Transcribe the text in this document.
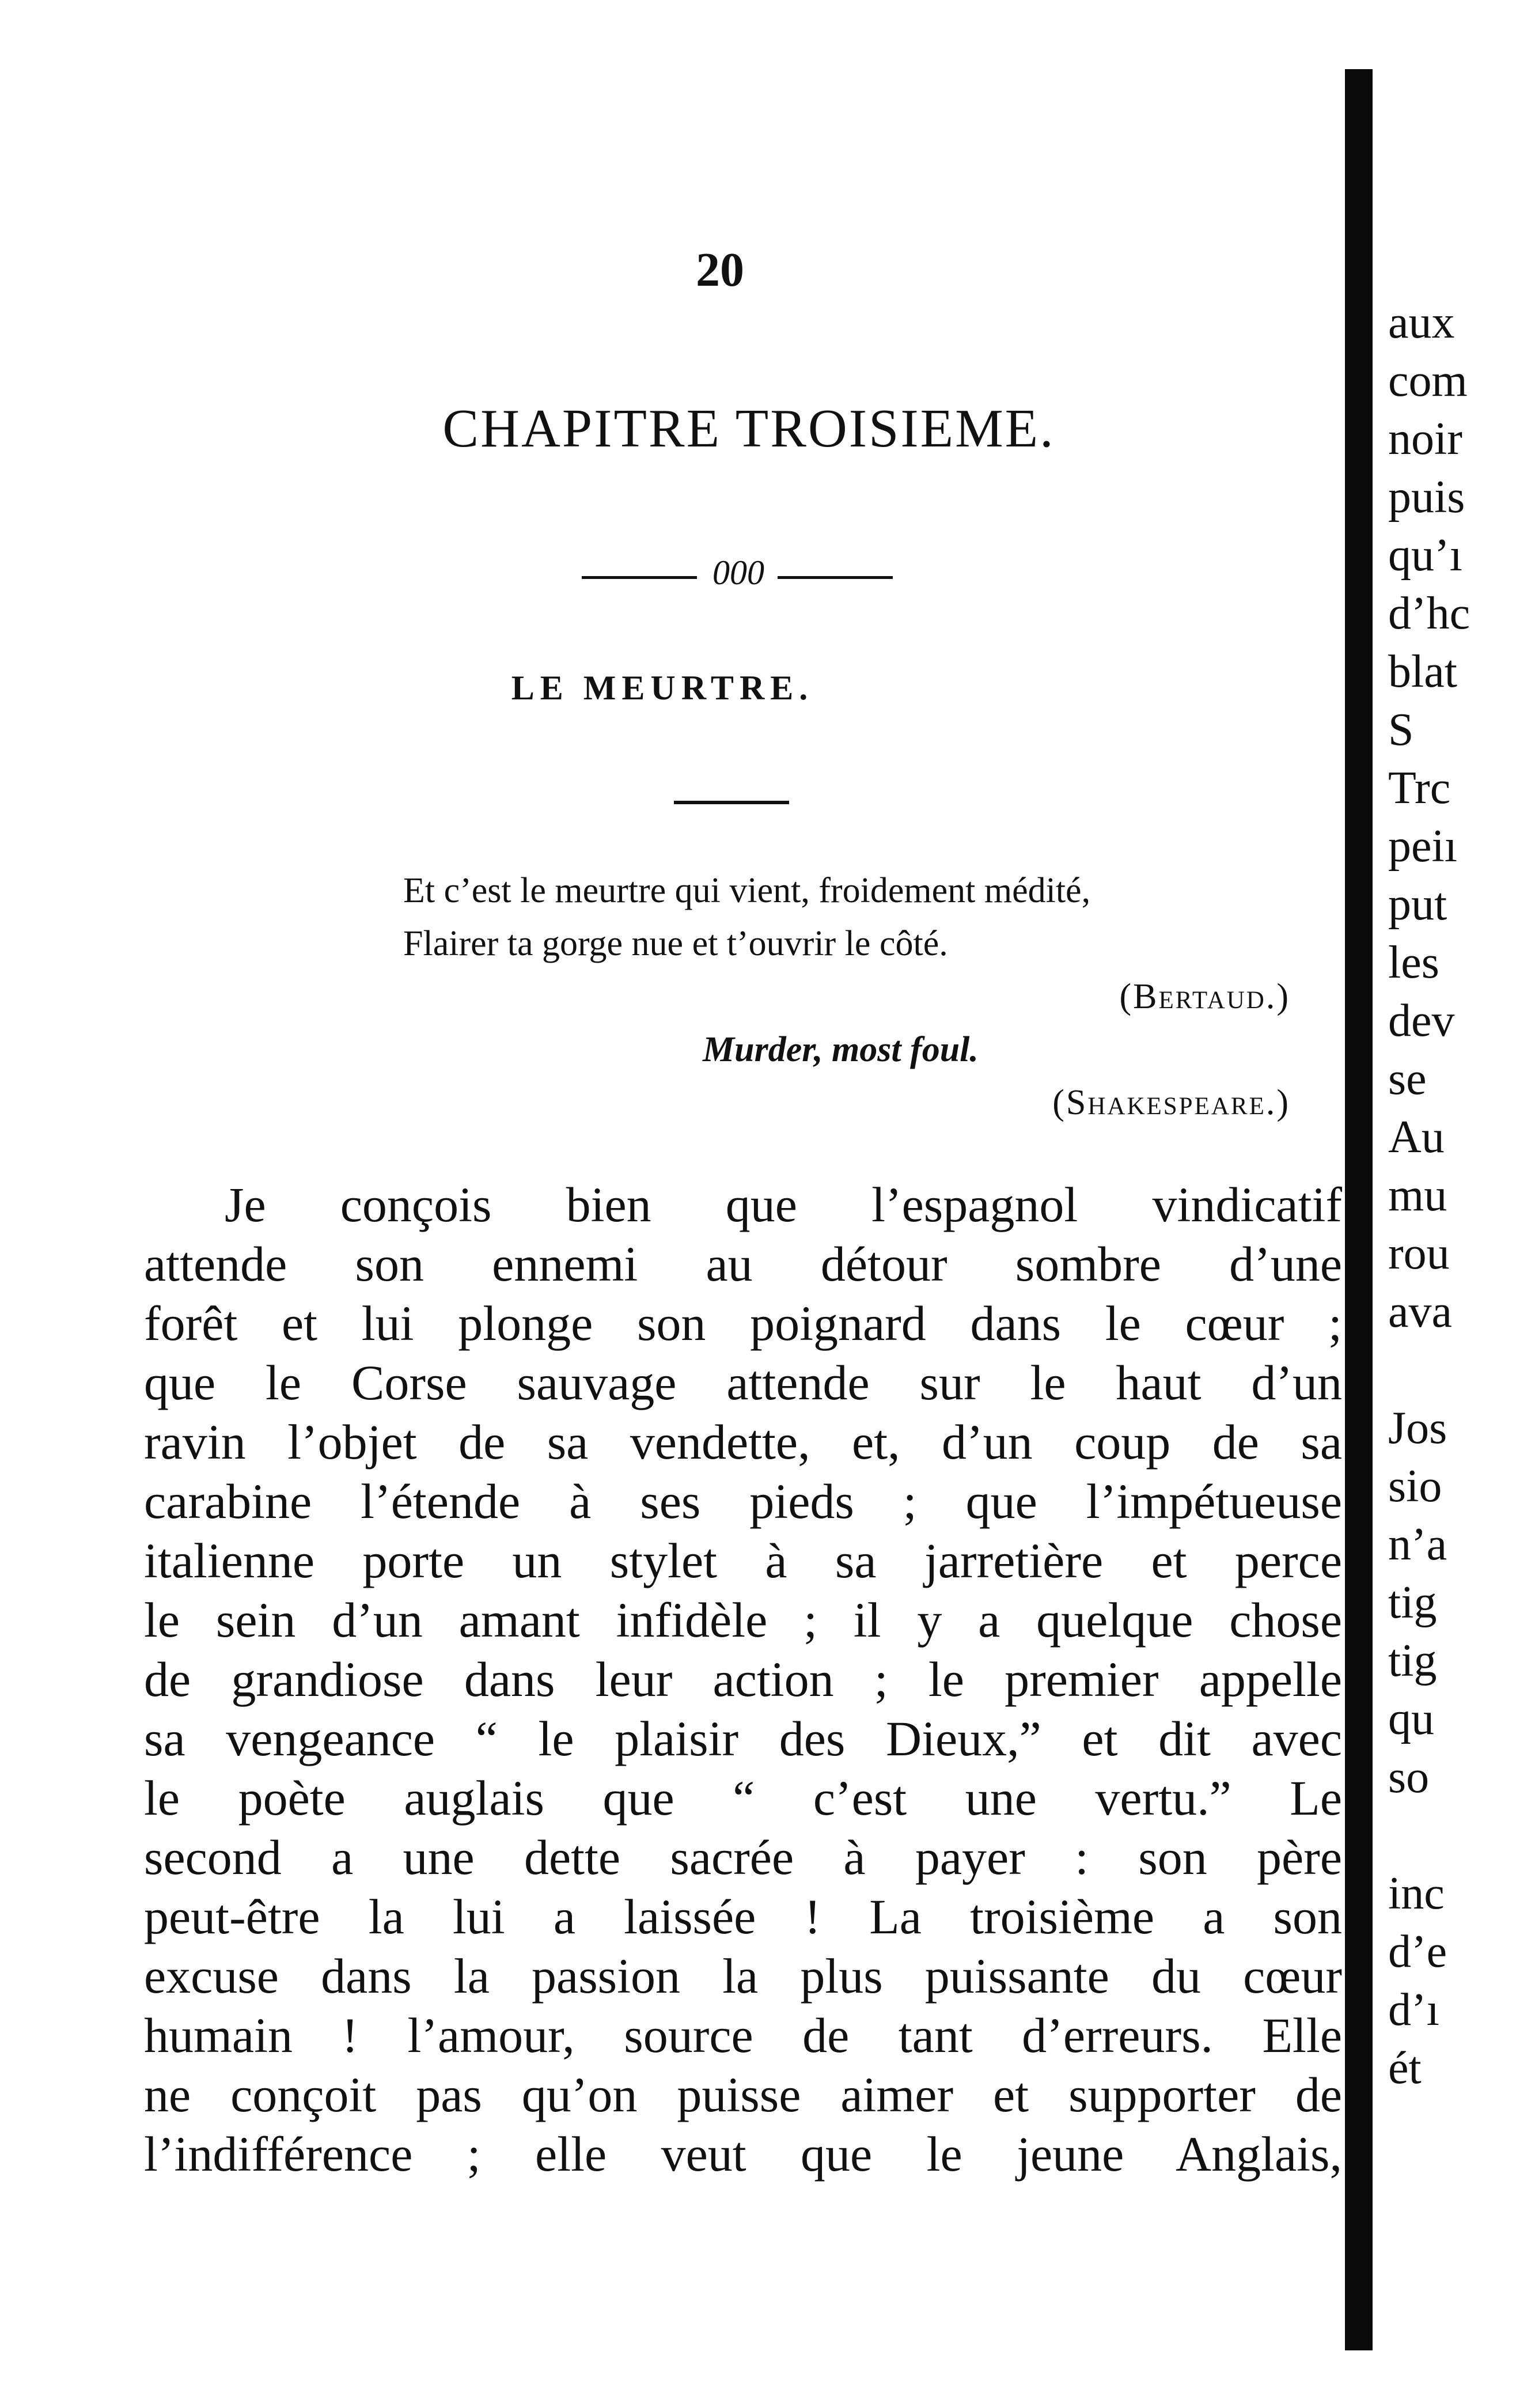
20
CHAPITRE TROISIEME.
000
LE MEURTRE.
Et c’est le meurtre qui vient, froidement médité,
Flairer ta gorge nue et t’ouvrir le côté.
(Bertaud.)
Murder, most foul.
(Shakespeare.)
Je conçois bien que l’espagnol vindicatif
attende son ennemi au détour sombre d’une
forêt et lui plonge son poignard dans le cœur ;
que le Corse sauvage attende sur le haut d’un
ravin l’objet de sa vendette, et, d’un coup de sa
carabine l’étende à ses pieds ; que l’impétueuse
italienne porte un stylet à sa jarretière et perce
le sein d’un amant infidèle ; il y a quelque chose
de grandiose dans leur action ; le premier appelle
sa vengeance “ le plaisir des Dieux,” et dit avec
le poète auglais que “ c’est une vertu.” Le
second a une dette sacrée à payer : son père
peut-être la lui a laissée ! La troisième a son
excuse dans la passion la plus puissante du cœur
humain ! l’amour, source de tant d’erreurs. Elle
ne conçoit pas qu’on puisse aimer et supporter de
l’indifférence ; elle veut que le jeune Anglais,
aux
com
noir
puis
qu’ı
d’hc
blat
S
Trc
peiı
put
les
dev
se
Au
mu
rou
ava
Jos
sio
n’a
tig
tig
qu
so
inc
d’e
d’ı
ét
